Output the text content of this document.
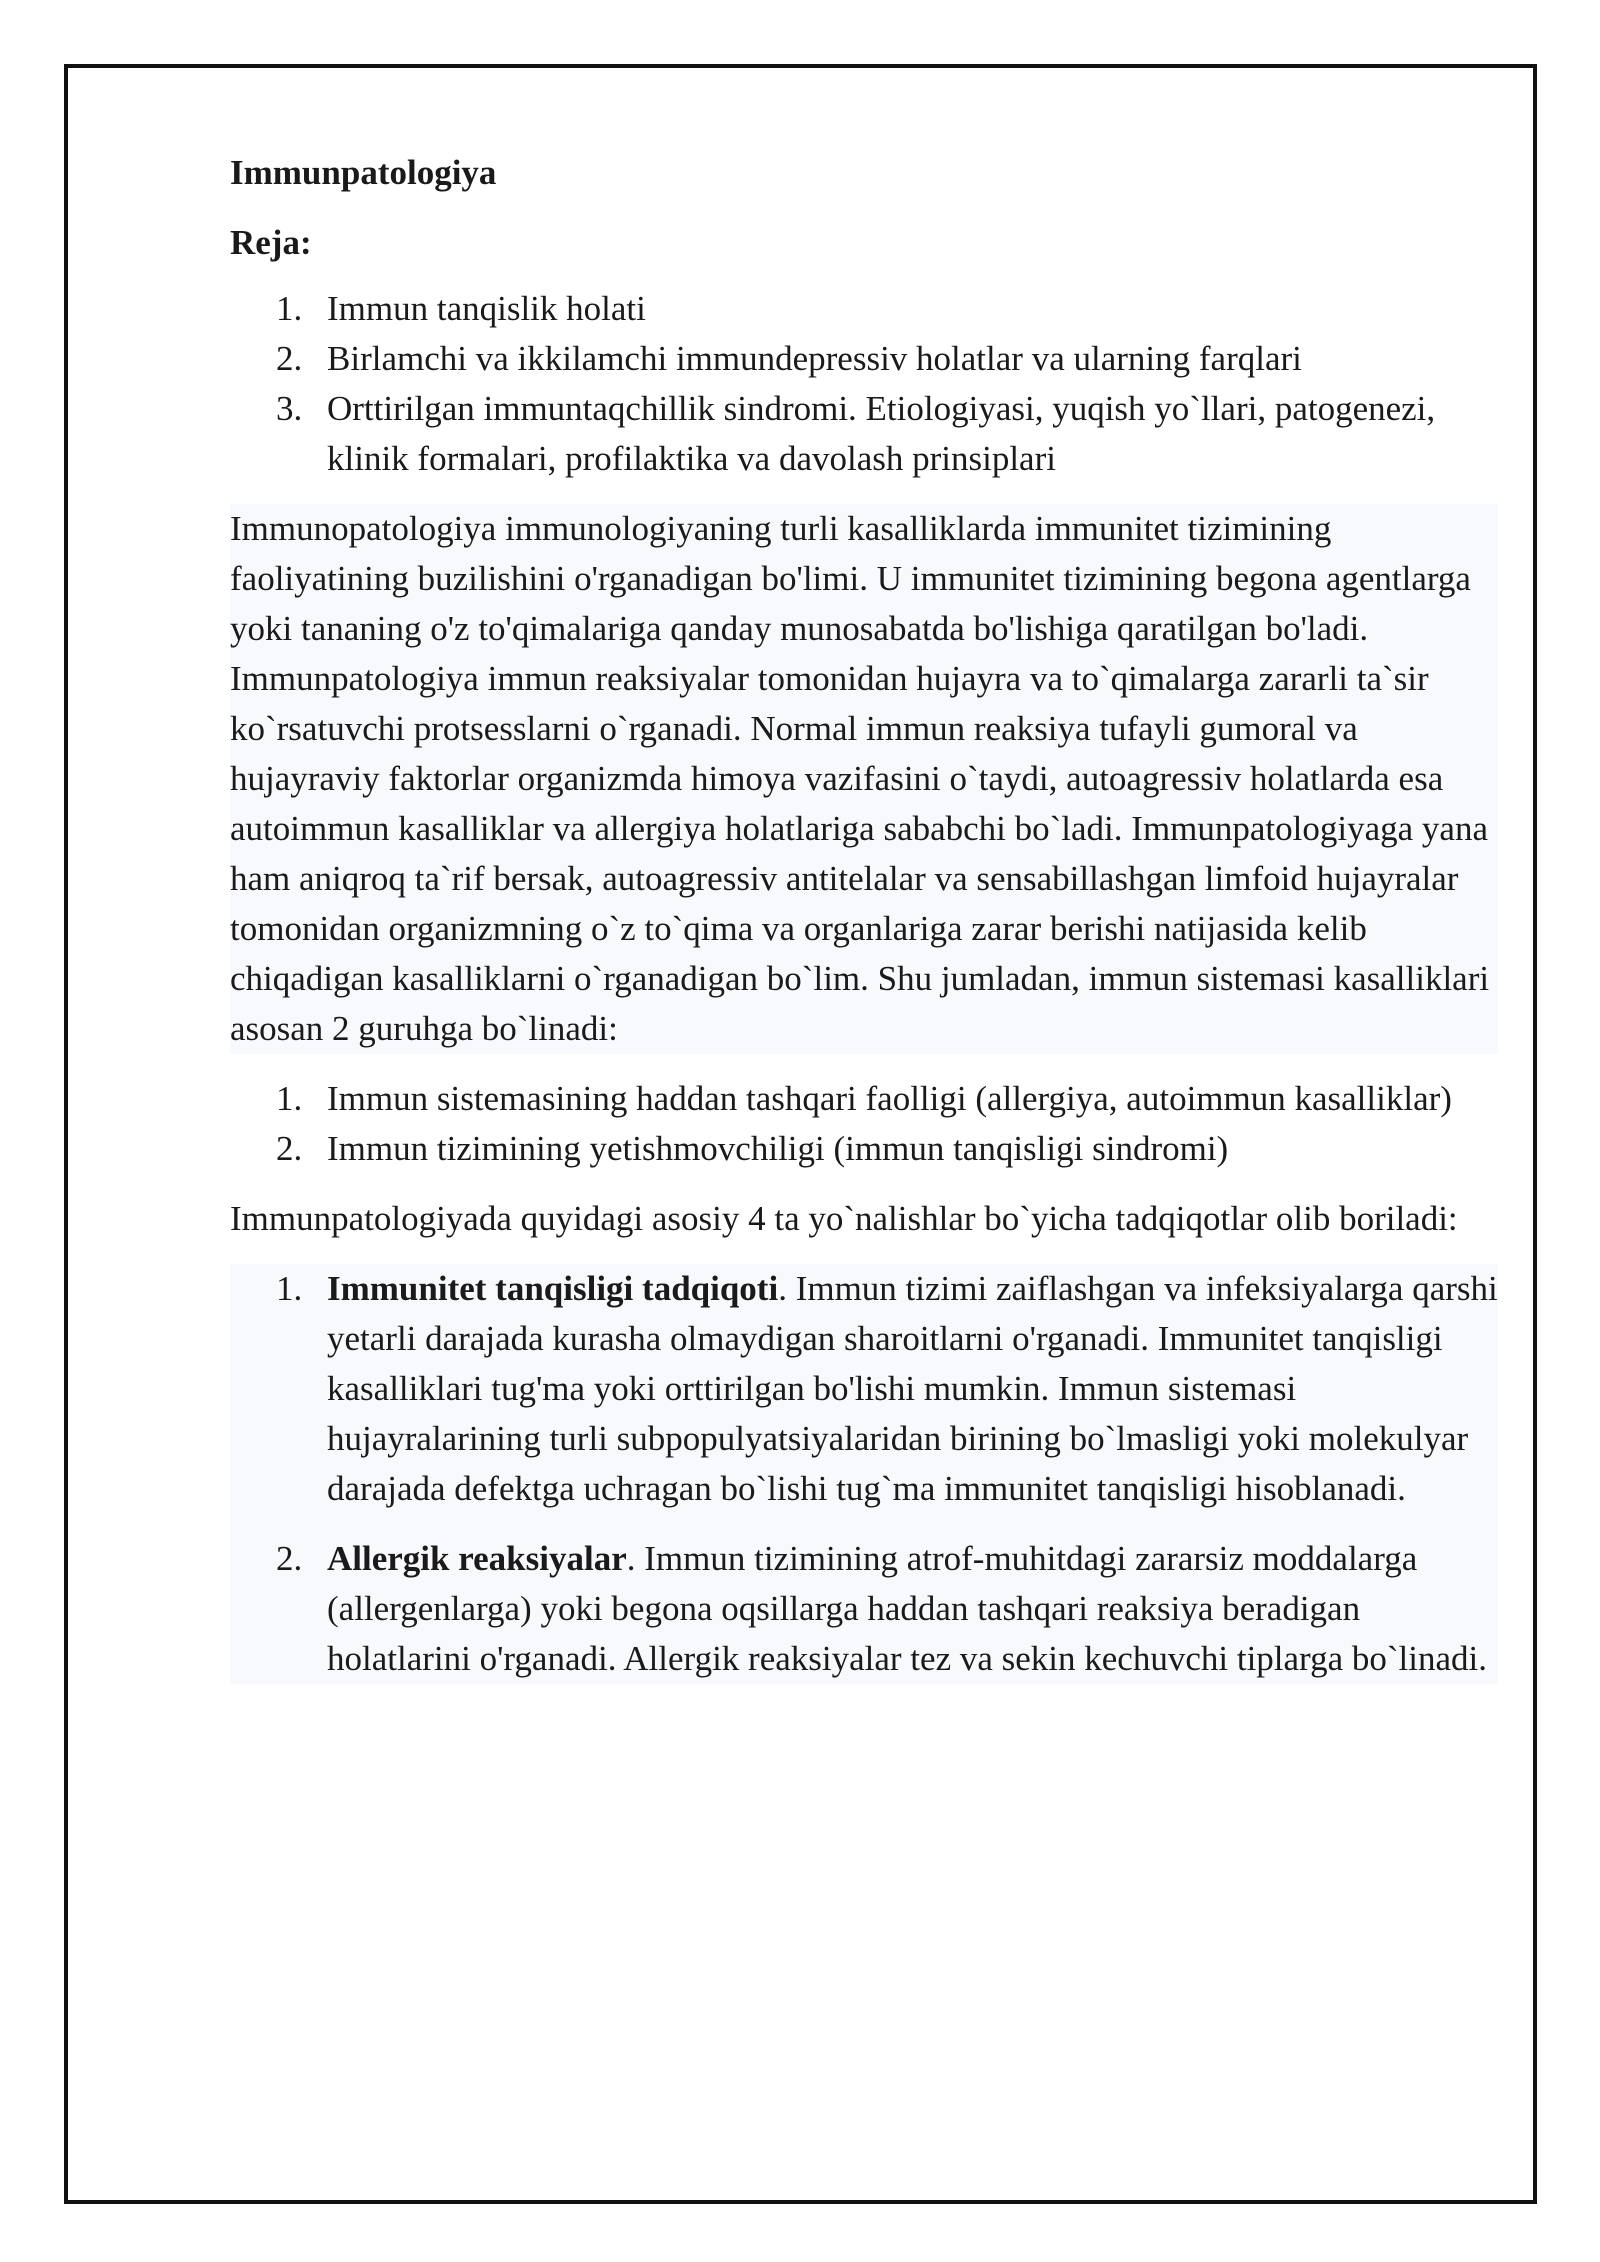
Immunpatologiya
Reja:
1. Immun tanqislik holati
2. Birlamchi va ikkilamchi immundepressiv holatlar va ularning farqlari
3. Orttirilgan immuntaqchillik sindromi. Etiologiyasi, yuqish yo`llari, patogenezi, klinik formalari, profilaktika va davolash prinsiplari

Immunopatologiya immunologiyaning turli kasalliklarda immunitet tizimining faoliyatining buzilishini o'rganadigan bo'limi. U immunitet tizimining begona agentlarga yoki tananing o'z to'qimalariga qanday munosabatda bo'lishiga qaratilgan bo'ladi. Immunpatologiya immun reaksiyalar tomonidan hujayra va to`qimalarga zararli ta`sir ko`rsatuvchi protsesslarni o`rganadi. Normal immun reaksiya tufayli gumoral va hujayraviy faktorlar organizmda himoya vazifasini o`taydi, autoagressiv holatlarda esa autoimmun kasalliklar va allergiya holatlariga sababchi bo`ladi. Immunpatologiyaga yana ham aniqroq ta`rif bersak, autoagressiv antitelalar va sensabillashgan limfoid hujayralar tomonidan organizmning o`z to`qima va organlariga zarar berishi natijasida kelib chiqadigan kasalliklarni o`rganadigan bo`lim. Shu jumladan, immun sistemasi kasalliklari asosan 2 guruhga bo`linadi:

1. Immun sistemasining haddan tashqari faolligi (allergiya, autoimmun kasalliklar)
2. Immun tizimining yetishmovchiligi (immun tanqisligi sindromi)

Immunpatologiyada quyidagi asosiy 4 ta yo`nalishlar bo`yicha tadqiqotlar olib boriladi:

1. Immunitet tanqisligi tadqiqoti. Immun tizimi zaiflashgan va infeksiyalarga qarshi yetarli darajada kurasha olmaydigan sharoitlarni o'rganadi. Immunitet tanqisligi kasalliklari tug'ma yoki orttirilgan bo'lishi mumkin. Immun sistemasi hujayralarining turli subpopulyatsiyalaridan birining bo`lmasligi yoki molekulyar darajada defektga uchragan bo`lishi tug`ma immunitet tanqisligi hisoblanadi.
2. Allergik reaksiyalar. Immun tizimining atrof-muhitdagi zararsiz moddalarga (allergenlarga) yoki begona oqsillarga haddan tashqari reaksiya beradigan holatlarini o'rganadi. Allergik reaksiyalar tez va sekin kechuvchi tiplarga bo`linadi.
